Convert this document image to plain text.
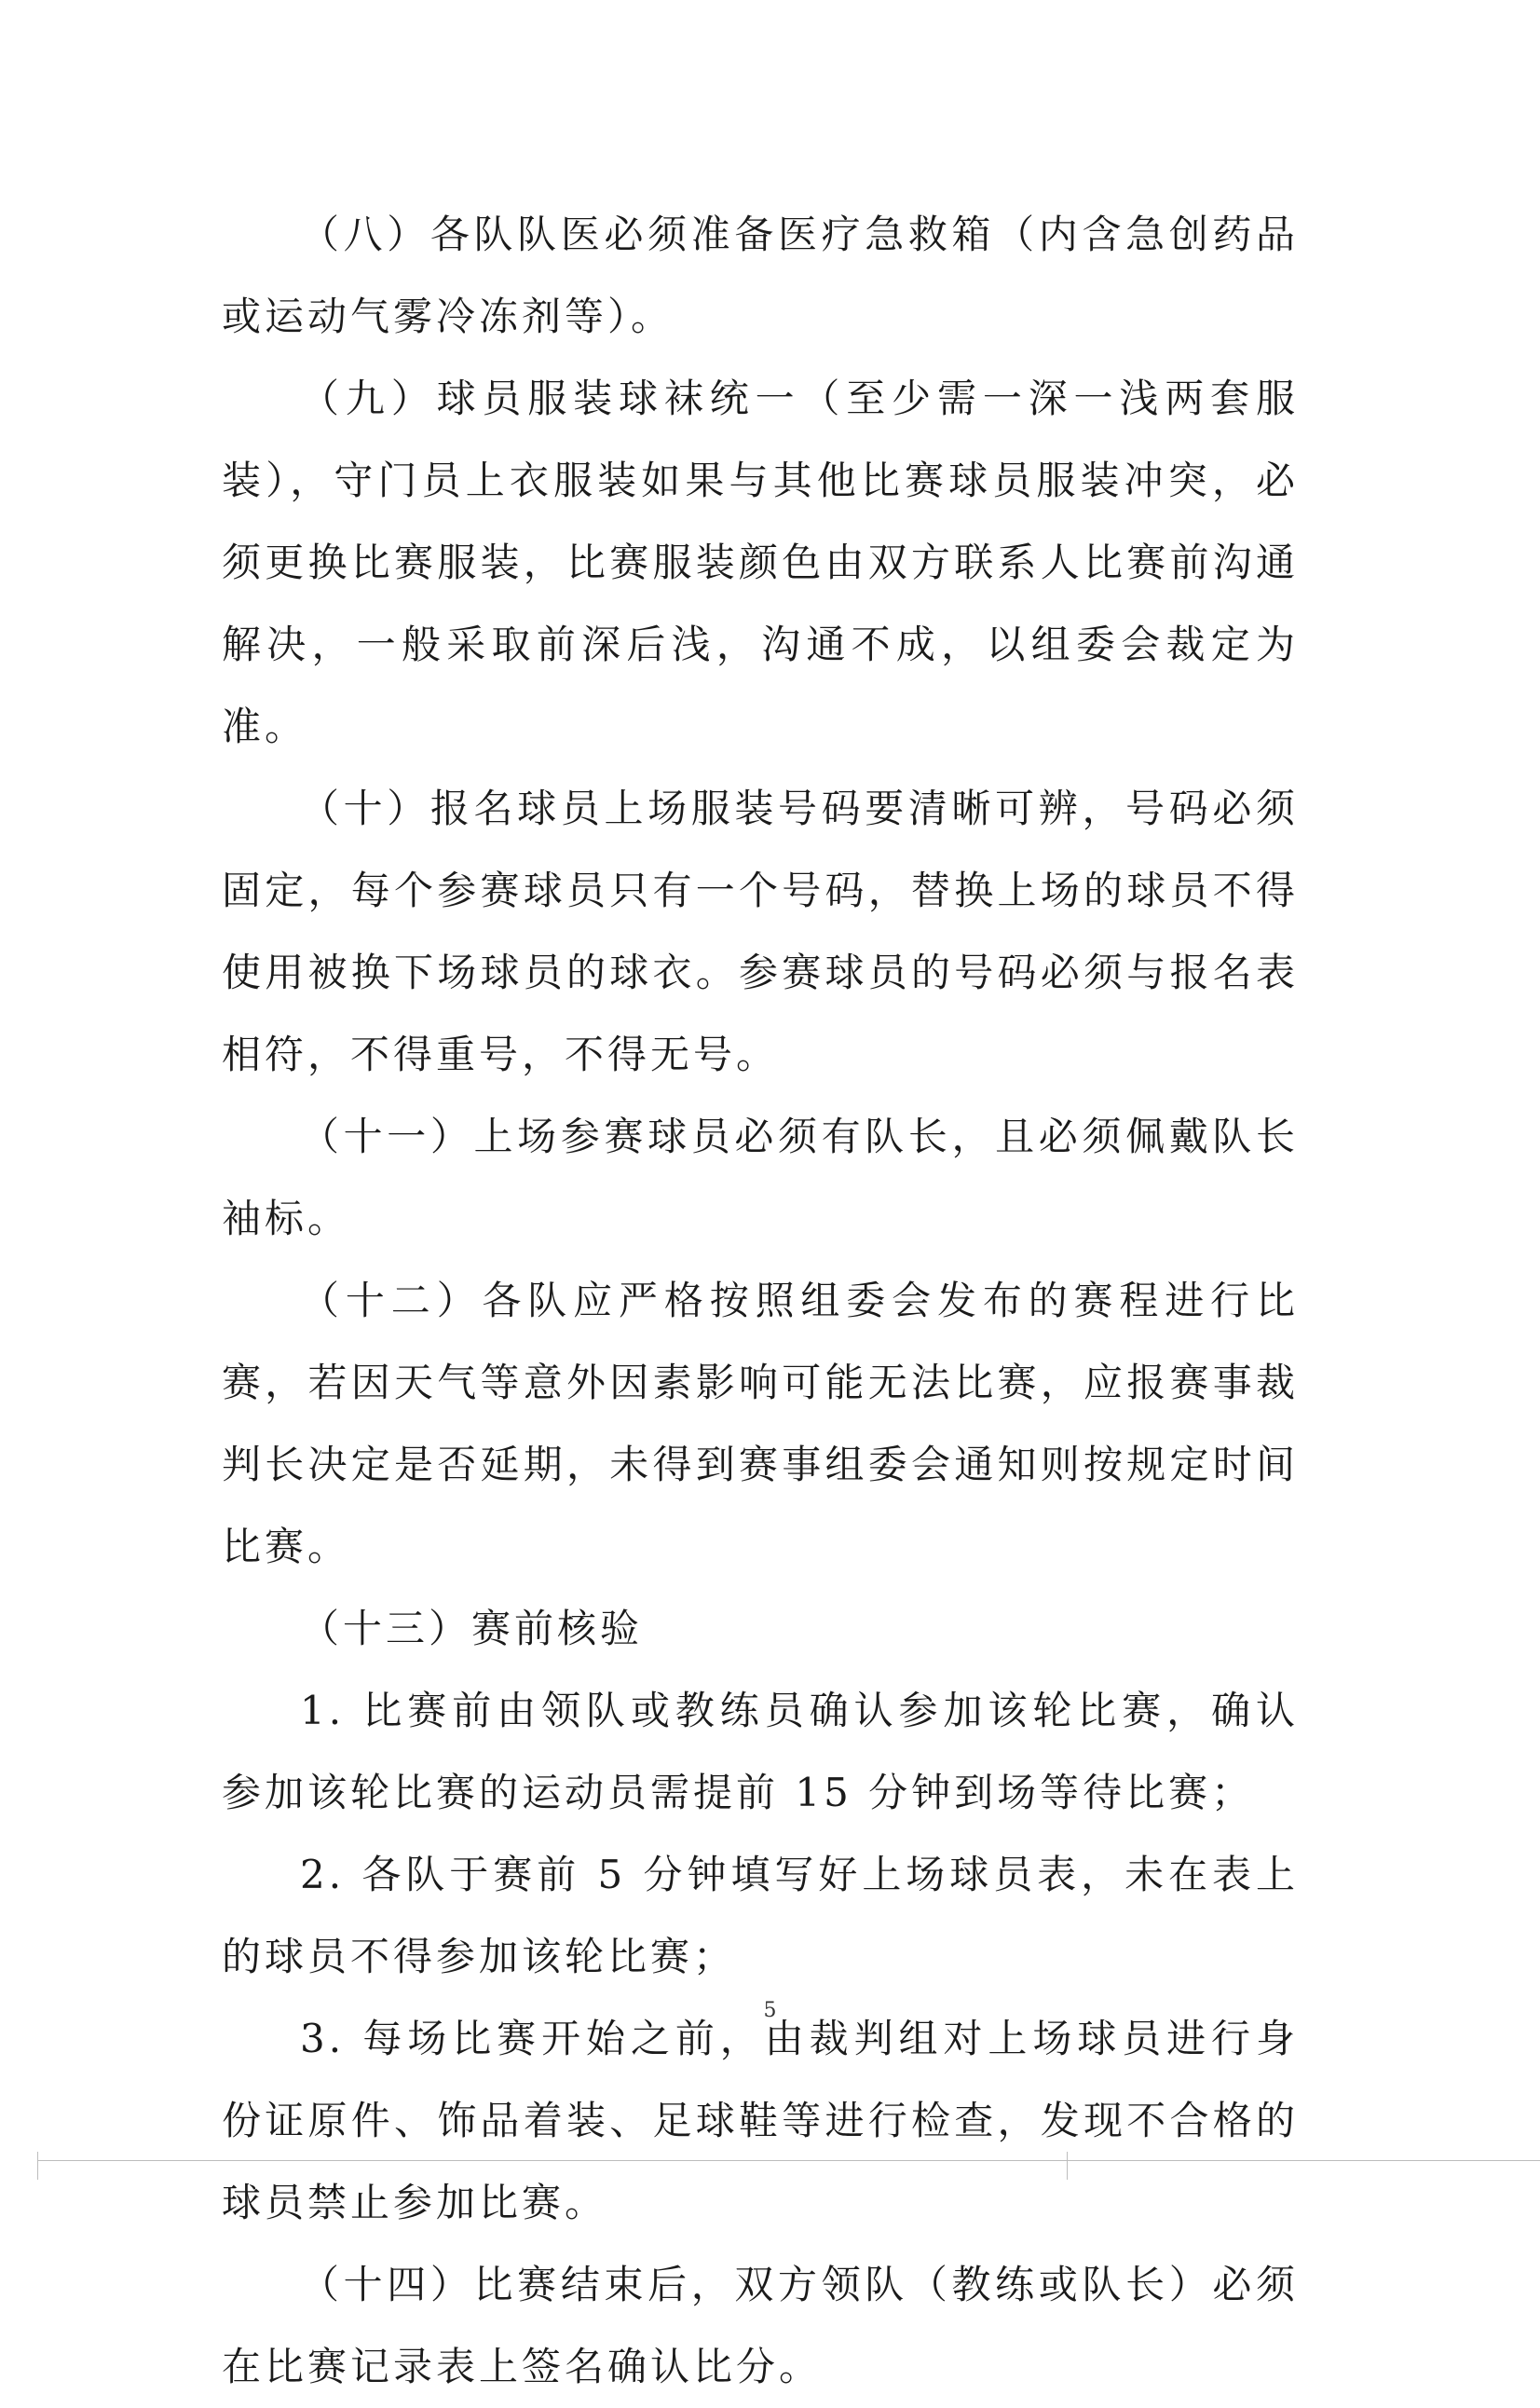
（八）各队队医必须准备医疗急救箱（内含急创药品或运动气雾冷冻剂等）。

（九）球员服装球袜统一（至少需一深一浅两套服装），守门员上衣服装如果与其他比赛球员服装冲突，必须更换比赛服装，比赛服装颜色由双方联系人比赛前沟通解决，一般采取前深后浅，沟通不成，以组委会裁定为准。

（十）报名球员上场服装号码要清晰可辨，号码必须固定，每个参赛球员只有一个号码，替换上场的球员不得使用被换下场球员的球衣。参赛球员的号码必须与报名表相符，不得重号，不得无号。

（十一）上场参赛球员必须有队长，且必须佩戴队长袖标。

（十二）各队应严格按照组委会发布的赛程进行比赛，若因天气等意外因素影响可能无法比赛，应报赛事裁判长决定是否延期，未得到赛事组委会通知则按规定时间比赛。

（十三）赛前核验

1. 比赛前由领队或教练员确认参加该轮比赛，确认参加该轮比赛的运动员需提前 15 分钟到场等待比赛；

2. 各队于赛前 5 分钟填写好上场球员表，未在表上的球员不得参加该轮比赛；

3. 每场比赛开始之前，由裁判组对上场球员进行身份证原件、饰品着装、足球鞋等进行检查，发现不合格的球员禁止参加比赛。

（十四）比赛结束后，双方领队（教练或队长）必须在比赛记录表上签名确认比分。

5
